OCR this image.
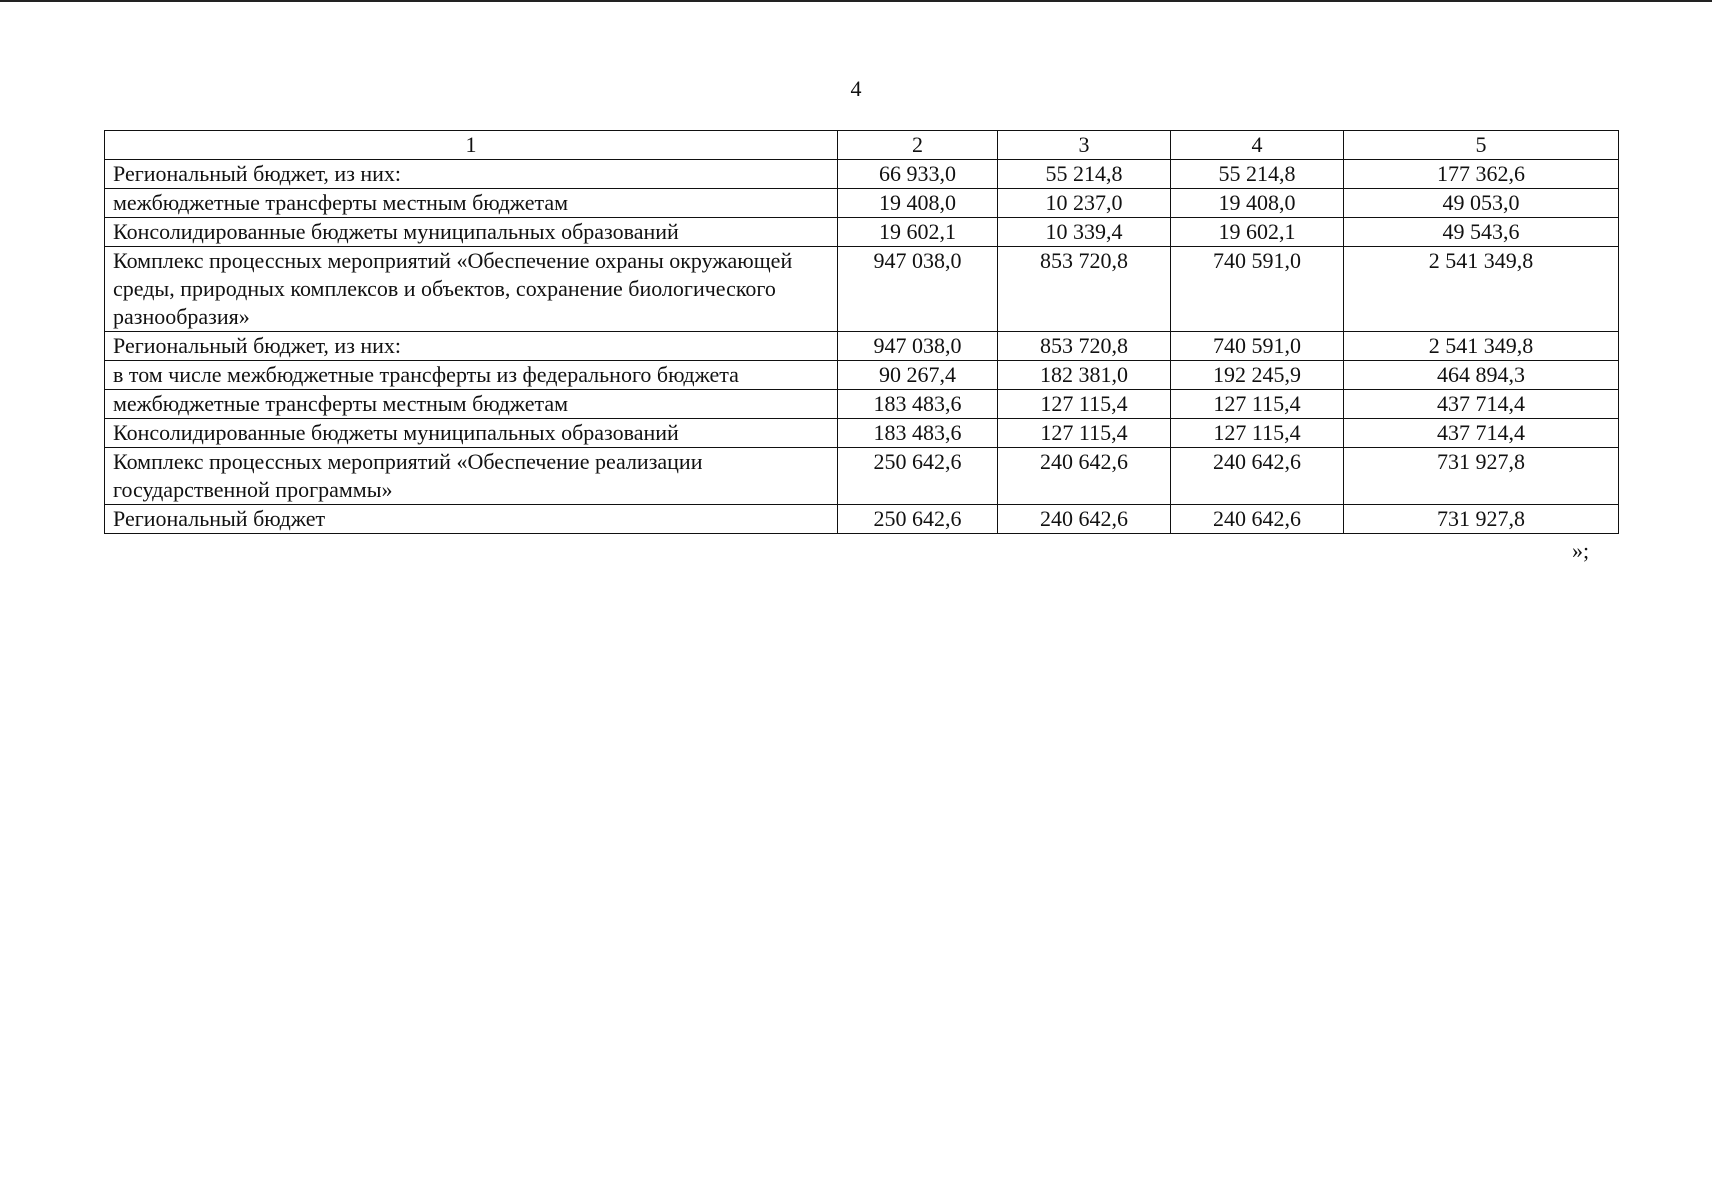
4
1	2	3	4	5
Региональный бюджет, из них:	66 933,0	55 214,8	55 214,8	177 362,6
межбюджетные трансферты местным бюджетам	19 408,0	10 237,0	19 408,0	49 053,0
Консолидированные бюджеты муниципальных образований	19 602,1	10 339,4	19 602,1	49 543,6
Комплекс процессных мероприятий «Обеспечение охраны окружающей среды, природных комплексов и объектов, сохранение биологического разнообразия»	947 038,0	853 720,8	740 591,0	2 541 349,8
Региональный бюджет, из них:	947 038,0	853 720,8	740 591,0	2 541 349,8
в том числе межбюджетные трансферты из федерального бюджета	90 267,4	182 381,0	192 245,9	464 894,3
межбюджетные трансферты местным бюджетам	183 483,6	127 115,4	127 115,4	437 714,4
Консолидированные бюджеты муниципальных образований	183 483,6	127 115,4	127 115,4	437 714,4
Комплекс процессных мероприятий «Обеспечение реализации государственной программы»	250 642,6	240 642,6	240 642,6	731 927,8
Региональный бюджет	250 642,6	240 642,6	240 642,6	731 927,8
»;
